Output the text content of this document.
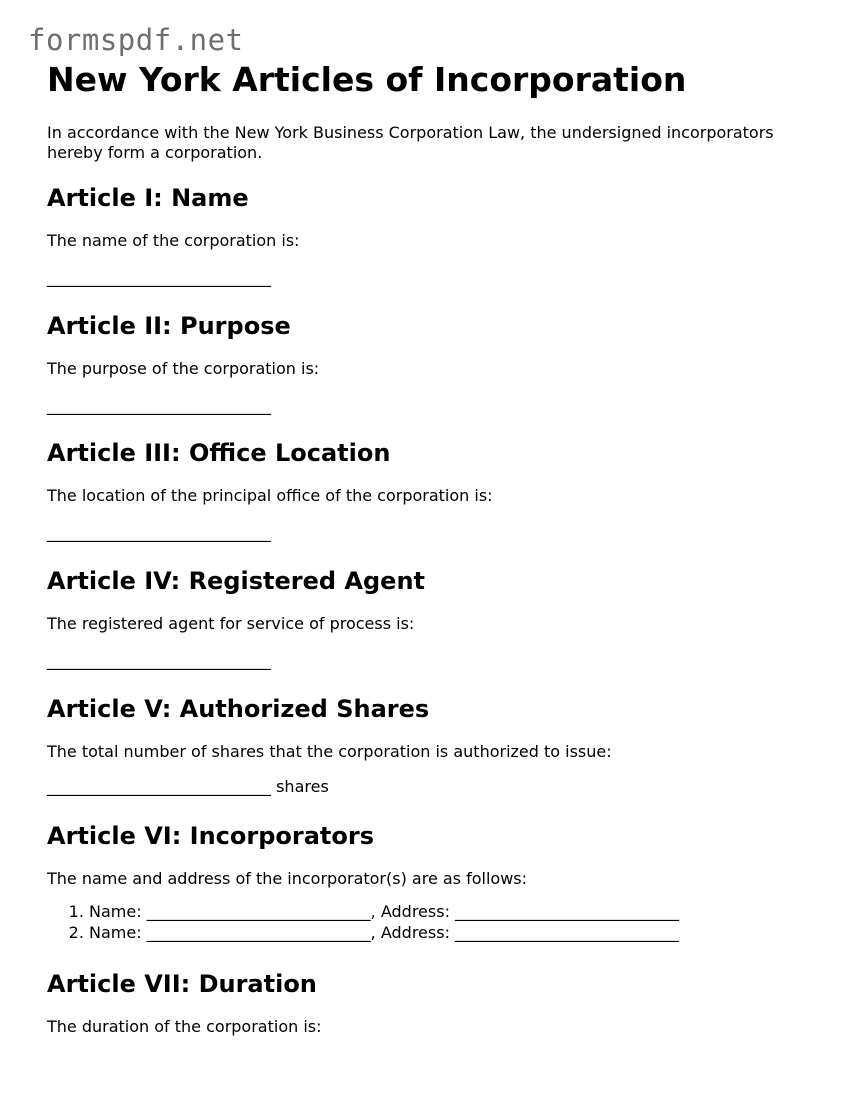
formspdf.net
New York Articles of Incorporation

In accordance with the New York Business Corporation Law, the undersigned incorporators hereby form a corporation.

Article I: Name

The name of the corporation is:

____________________________

Article II: Purpose

The purpose of the corporation is:

____________________________

Article III: Office Location

The location of the principal office of the corporation is:

____________________________

Article IV: Registered Agent

The registered agent for service of process is:

____________________________

Article V: Authorized Shares

The total number of shares that the corporation is authorized to issue:

____________________________ shares

Article VI: Incorporators

The name and address of the incorporator(s) are as follows:

1. Name: ____________________________, Address: ____________________________
2. Name: ____________________________, Address: ____________________________
Article VII: Duration

The duration of the corporation is:
